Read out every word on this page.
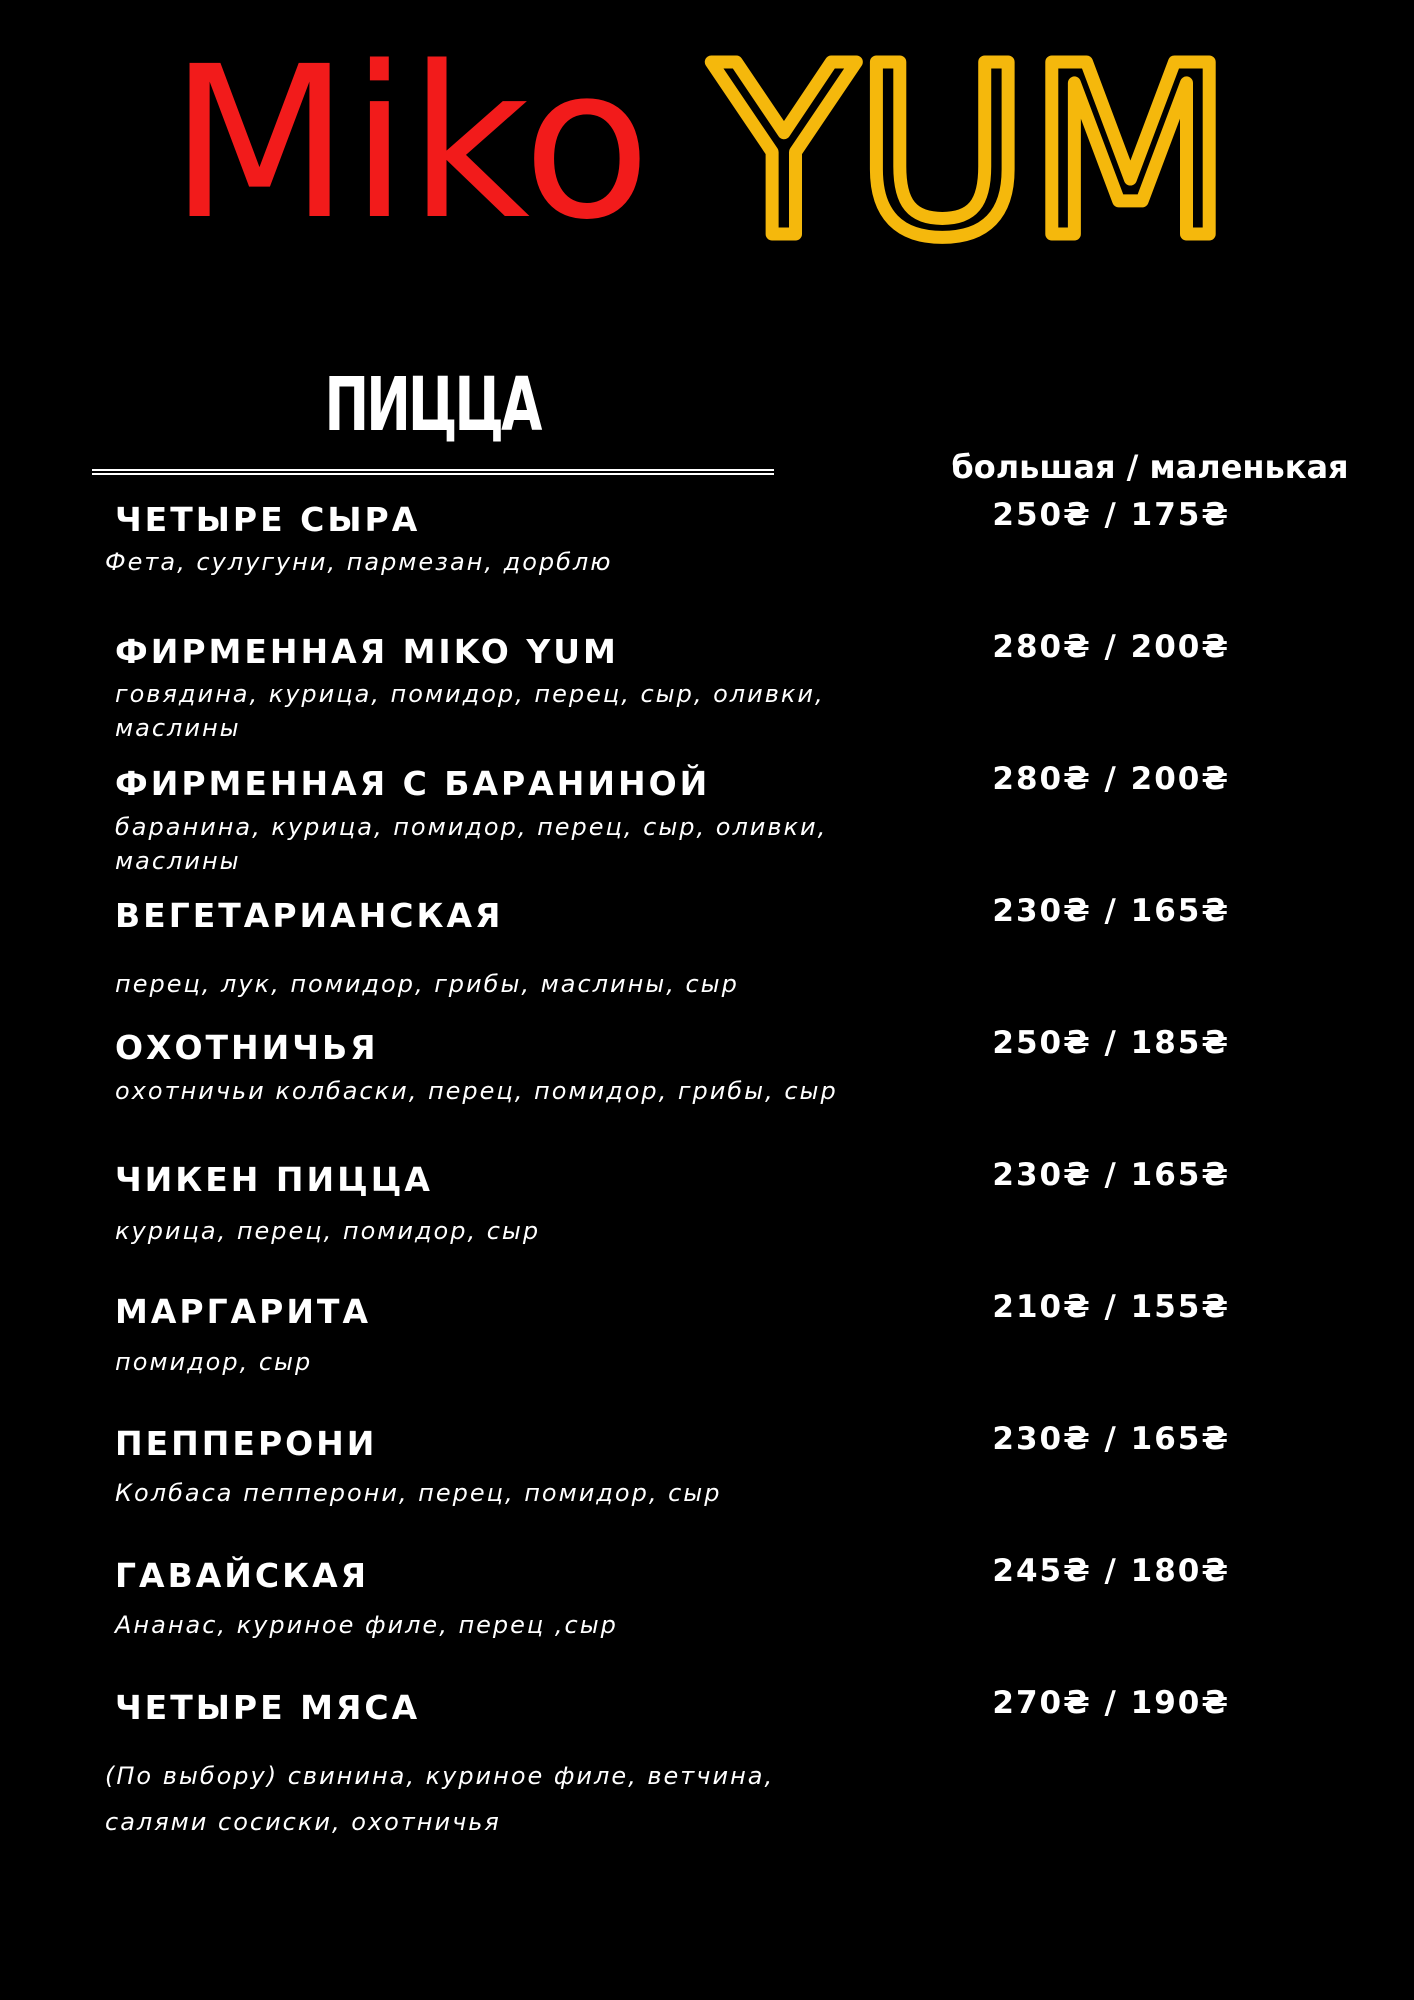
Miko YUM
ПИЦЦА
большая / маленькая
ЧЕТЫРЕ СЫРА	250₴ / 175₴
Фета, сулугуни, пармезан, дорблю
ФИРМЕННАЯ MIKO YUM	280₴ / 200₴
говядина, курица, помидор, перец, сыр, оливки, маслины
ФИРМЕННАЯ С БАРАНИНОЙ	280₴ / 200₴
баранина, курица, помидор, перец, сыр, оливки, маслины
ВЕГЕТАРИАНСКАЯ	230₴ / 165₴
перец, лук, помидор, грибы, маслины, сыр
ОХОТНИЧЬЯ	250₴ / 185₴
охотничьи колбаски, перец, помидор, грибы, сыр
ЧИКЕН ПИЦЦА	230₴ / 165₴
курица, перец, помидор, сыр
МАРГАРИТА	210₴ / 155₴
помидор, сыр
ПЕППЕРОНИ	230₴ / 165₴
Колбаса пепперони, перец, помидор, сыр
ГАВАЙСКАЯ	245₴ / 180₴
Ананас, куриное филе, перец ,сыр
ЧЕТЫРЕ МЯСА	270₴ / 190₴
(По выбору) свинина, куриное филе, ветчина, салями сосиски, охотничья
